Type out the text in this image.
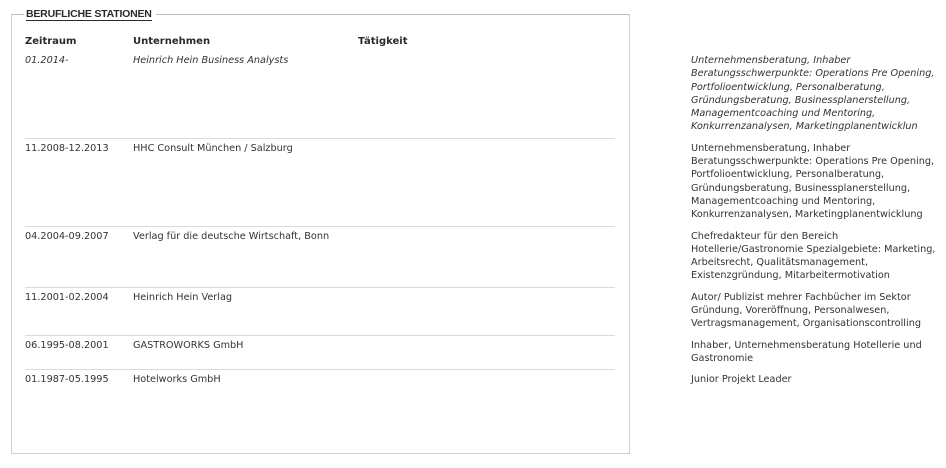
BERUFLICHE STATIONEN
Zeitraum	Unternehmen	Tätigkeit
01.2014-	Heinrich Hein Business Analysts	Unternehmensberatung, Inhaber Beratungsschwerpunkte: Operations Pre Opening, Portfolioentwicklung, Personalberatung, Gründungsberatung, Businessplanerstellung, Managementcoaching und Mentoring, Konkurrenzanalysen, Marketingplanentwicklun
11.2008-12.2013	HHC Consult München / Salzburg	Unternehmensberatung, Inhaber Beratungsschwerpunkte: Operations Pre Opening, Portfolioentwicklung, Personalberatung, Gründungsberatung, Businessplanerstellung, Managementcoaching und Mentoring, Konkurrenzanalysen, Marketingplanentwicklung
04.2004-09.2007	Verlag für die deutsche Wirtschaft, Bonn	Chefredakteur für den Bereich Hotellerie/Gastronomie Spezialgebiete: Marketing, Arbeitsrecht, Qualitätsmanagement, Existenzgründung, Mitarbeitermotivation
11.2001-02.2004	Heinrich Hein Verlag	Autor/ Publizist mehrer Fachbücher im Sektor Gründung, Voreröffnung, Personalwesen, Vertragsmanagement, Organisationscontrolling
06.1995-08.2001	GASTROWORKS GmbH	Inhaber, Unternehmensberatung Hotellerie und Gastronomie
01.1987-05.1995	Hotelworks GmbH	Junior Projekt Leader
